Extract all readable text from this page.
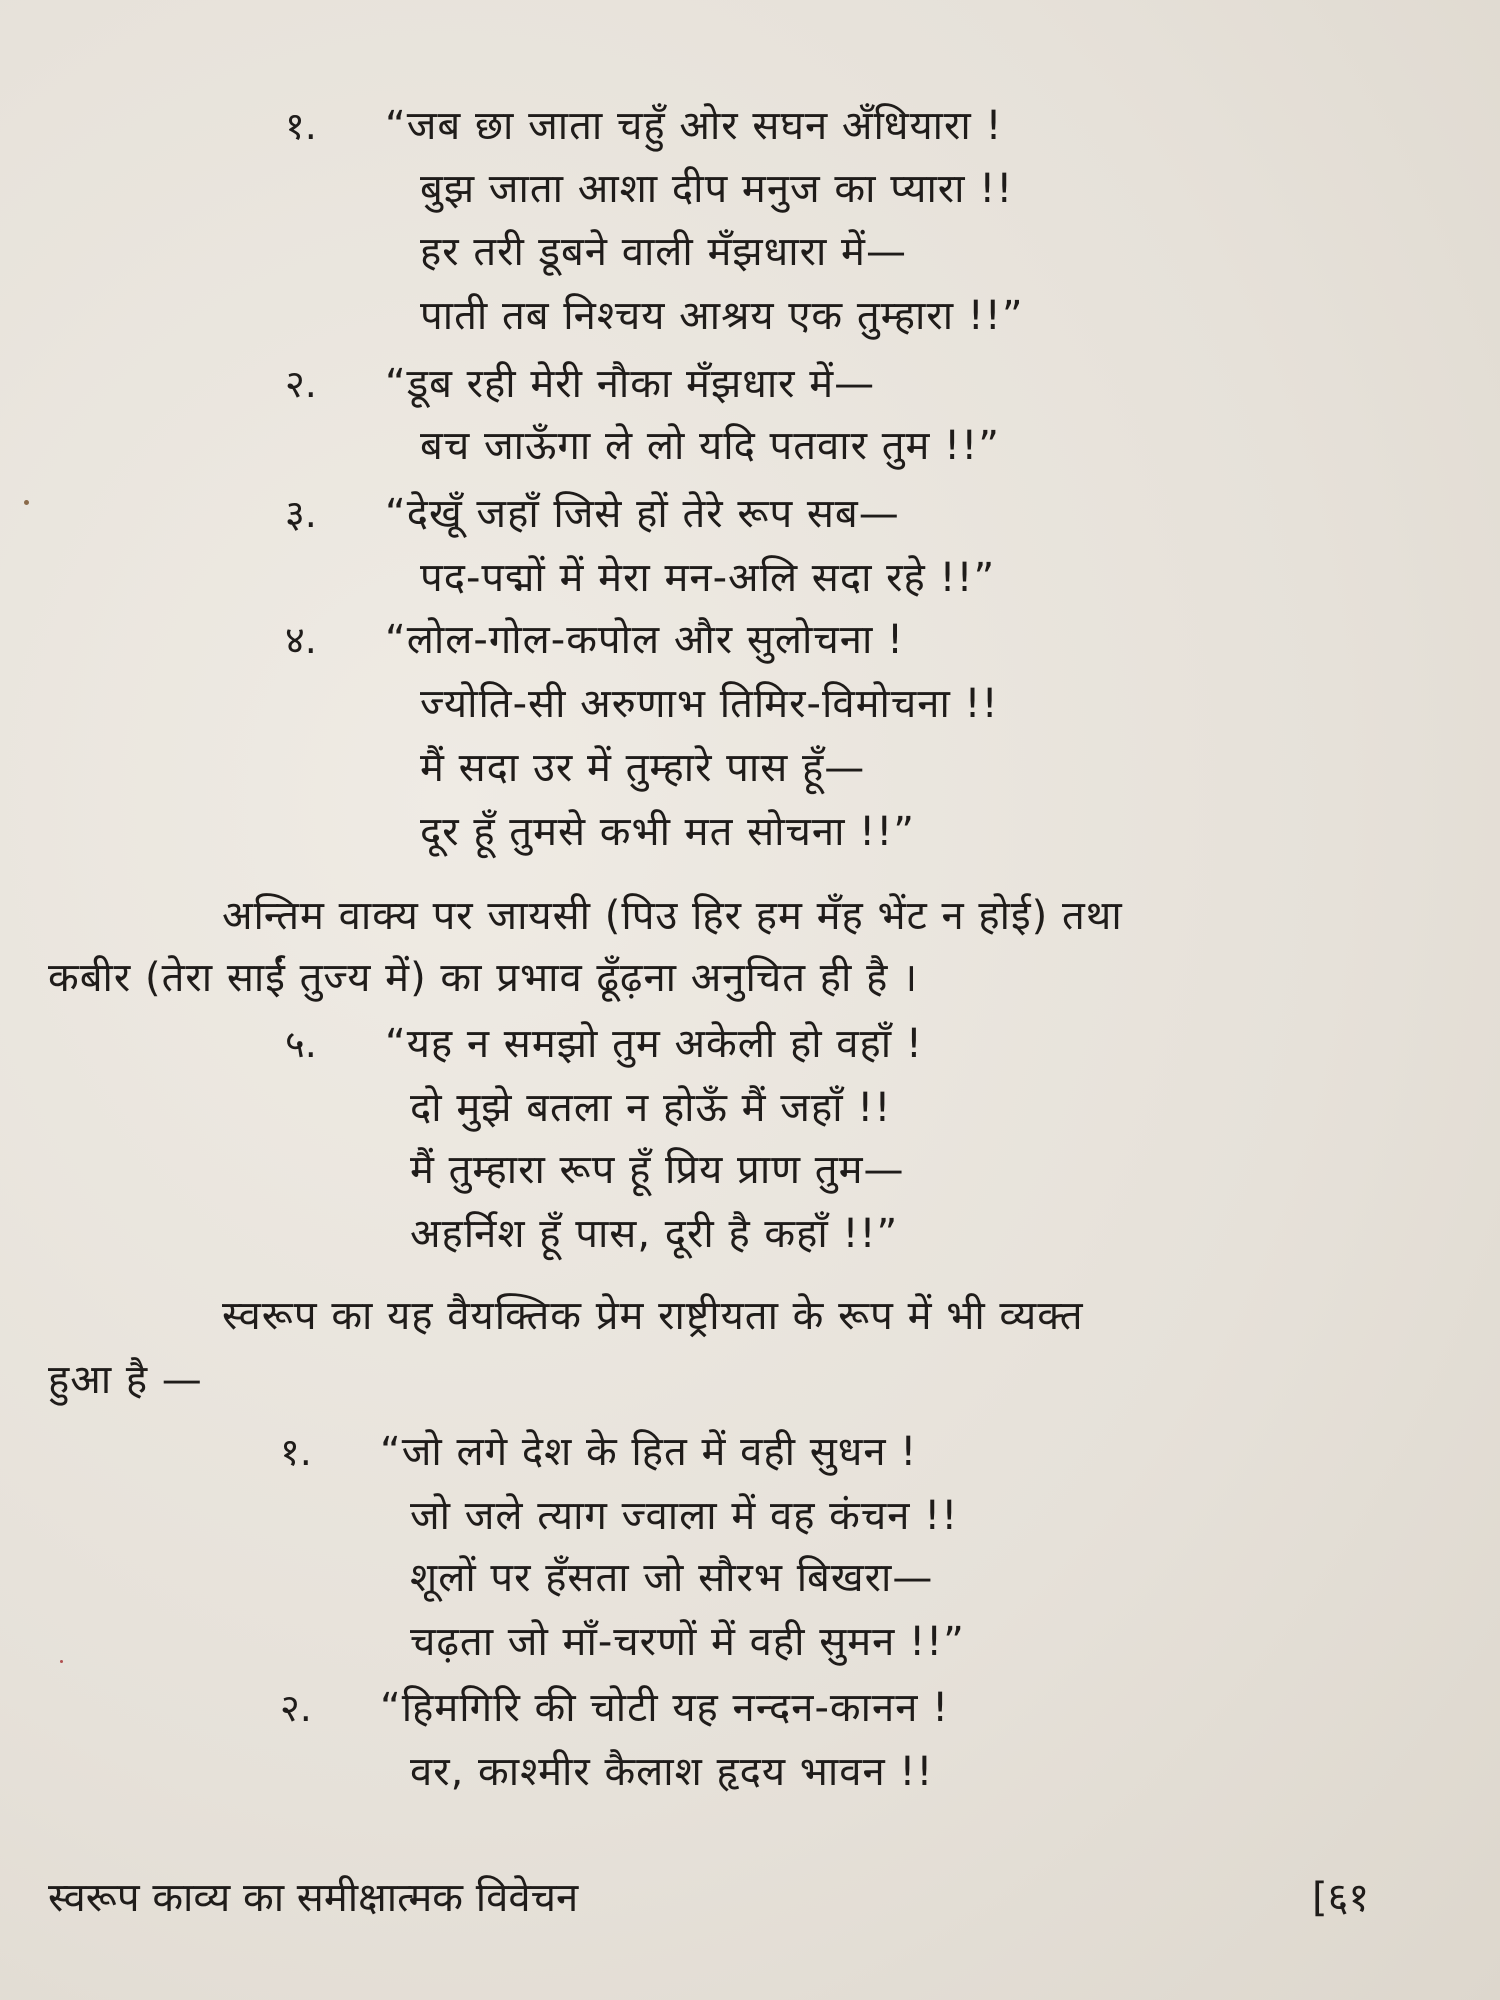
१. “जब छा जाता चहुँ ओर सघन अँधियारा !
बुझ जाता आशा दीप मनुज का प्यारा !!
हर तरी डूबने वाली मँझधारा में—
पाती तब निश्चय आश्रय एक तुम्हारा !!”
२. “डूब रही मेरी नौका मँझधार में—
बच जाऊँगा ले लो यदि पतवार तुम !!”
३. “देखूँ जहाँ जिसे हों तेरे रूप सब—
पद-पद्मों में मेरा मन-अलि सदा रहे !!”
४. “लोल-गोल-कपोल और सुलोचना !
ज्योति-सी अरुणाभ तिमिर-विमोचना !!
मैं सदा उर में तुम्हारे पास हूँ—
दूर हूँ तुमसे कभी मत सोचना !!”
अन्तिम वाक्य पर जायसी (पिउ हिर हम मँह भेंट न होई) तथा
कबीर (तेरा साईं तुज्य में) का प्रभाव ढूँढ़ना अनुचित ही है ।
५. “यह न समझो तुम अकेली हो वहाँ !
दो मुझे बतला न होऊँ मैं जहाँ !!
मैं तुम्हारा रूप हूँ प्रिय प्राण तुम—
अहर्निश हूँ पास, दूरी है कहाँ !!”
स्वरूप का यह वैयक्तिक प्रेम राष्ट्रीयता के रूप में भी व्यक्त
हुआ है —
१. “जो लगे देश के हित में वही सुधन !
जो जले त्याग ज्वाला में वह कंचन !!
शूलों पर हँसता जो सौरभ बिखरा—
चढ़ता जो माँ-चरणों में वही सुमन !!”
२. “हिमगिरि की चोटी यह नन्दन-कानन !
वर, काश्मीर कैलाश हृदय भावन !!
स्वरूप काव्य का समीक्षात्मक विवेचन	[६१
